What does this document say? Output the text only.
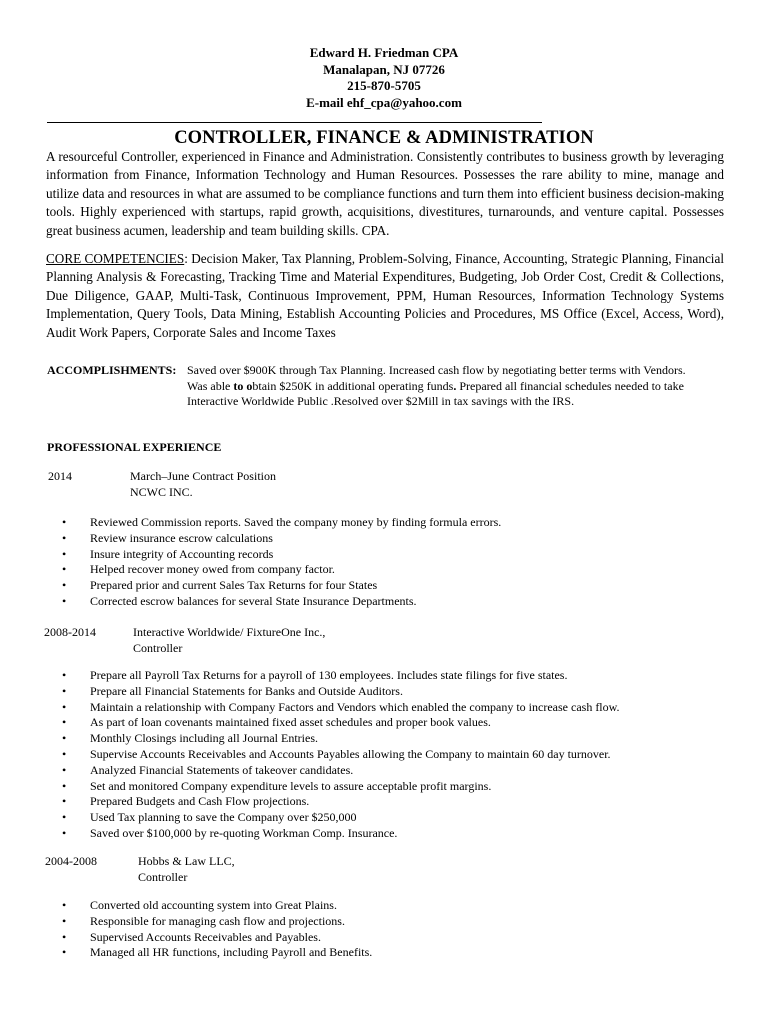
Edward H. Friedman CPA
Manalapan, NJ 07726
215-870-5705
E-mail ehf_cpa@yahoo.com
CONTROLLER, FINANCE & ADMINISTRATION
A resourceful Controller, experienced in Finance and Administration. Consistently contributes to business growth by leveraging information from Finance, Information Technology and Human Resources. Possesses the rare ability to mine, manage and utilize data and resources in what are assumed to be compliance functions and turn them into efficient business decision-making tools. Highly experienced with startups, rapid growth, acquisitions, divestitures, turnarounds, and venture capital. Possesses great business acumen, leadership and team building skills. CPA.
CORE COMPETENCIES: Decision Maker, Tax Planning, Problem-Solving, Finance, Accounting, Strategic Planning, Financial Planning Analysis & Forecasting, Tracking Time and Material Expenditures, Budgeting, Job Order Cost, Credit & Collections, Due Diligence, GAAP, Multi-Task, Continuous Improvement, PPM, Human Resources, Information Technology Systems Implementation, Query Tools, Data Mining, Establish Accounting Policies and Procedures, MS Office (Excel, Access, Word), Audit Work Papers, Corporate Sales and Income Taxes
ACCOMPLISHMENTS: Saved over $900K through Tax Planning. Increased cash flow by negotiating better terms with Vendors.
Was able to obtain $250K in additional operating funds. Prepared all financial schedules needed to take
Interactive Worldwide Public .Resolved over $2Mill in tax savings with the IRS.
PROFESSIONAL EXPERIENCE
2014	March–June Contract Position
NCWC INC.
• Reviewed Commission reports. Saved the company money by finding formula errors.
• Review insurance escrow calculations
• Insure integrity of Accounting records
• Helped recover money owed from company factor.
• Prepared prior and current Sales Tax Returns for four States
• Corrected escrow balances for several State Insurance Departments.
2008-2014	Interactive Worldwide/ FixtureOne Inc.,
Controller
• Prepare all Payroll Tax Returns for a payroll of 130 employees. Includes state filings for five states.
• Prepare all Financial Statements for Banks and Outside Auditors.
• Maintain a relationship with Company Factors and Vendors which enabled the company to increase cash flow.
• As part of loan covenants maintained fixed asset schedules and proper book values.
• Monthly Closings including all Journal Entries.
• Supervise Accounts Receivables and Accounts Payables allowing the Company to maintain 60 day turnover.
• Analyzed Financial Statements of takeover candidates.
• Set and monitored Company expenditure levels to assure acceptable profit margins.
• Prepared Budgets and Cash Flow projections.
• Used Tax planning to save the Company over $250,000
• Saved over $100,000 by re-quoting Workman Comp. Insurance.
2004-2008	Hobbs & Law LLC,
Controller
• Converted old accounting system into Great Plains.
• Responsible for managing cash flow and projections.
• Supervised Accounts Receivables and Payables.
• Managed all HR functions, including Payroll and Benefits.
